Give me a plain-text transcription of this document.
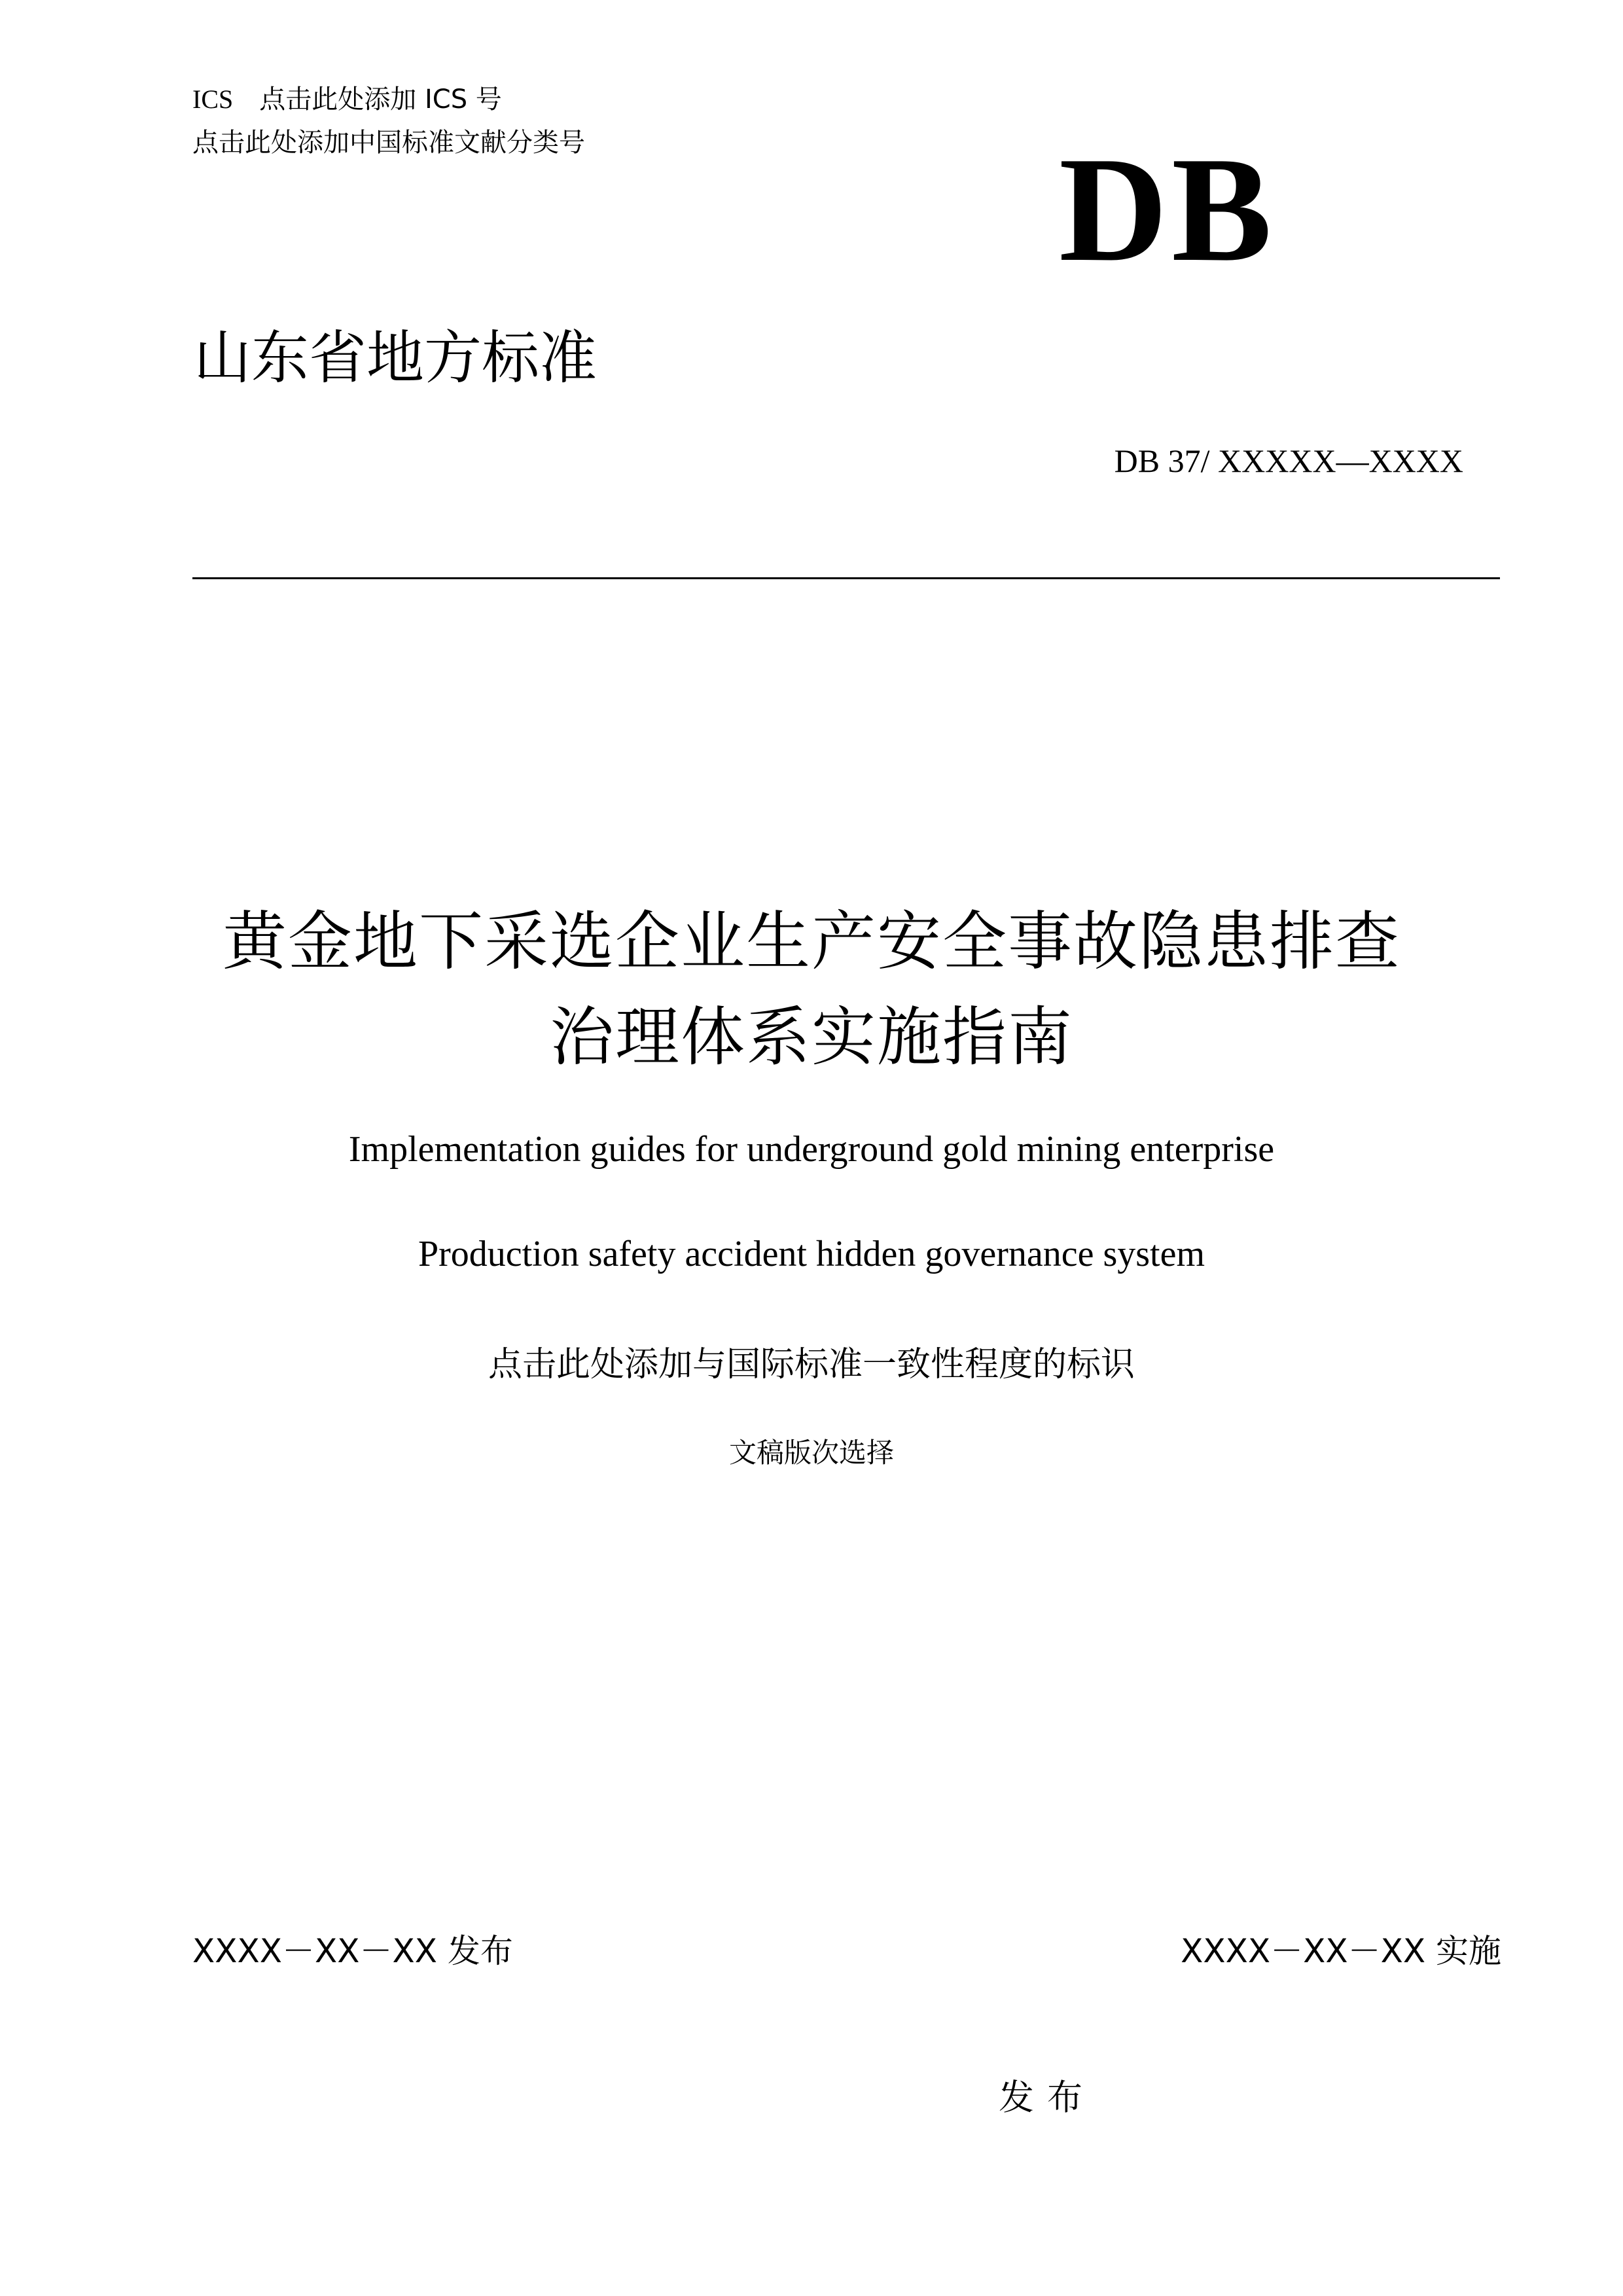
ICS 点击此处添加 ICS 号
点击此处添加中国标准文献分类号	DB
山东省地方标准
DB 37/ XXXXX—XXXX
黄金地下采选企业生产安全事故隐患排查
治理体系实施指南
Implementation guides for underground gold mining enterprise
Production safety accident hidden governance system
点击此处添加与国际标准一致性程度的标识
文稿版次选择
XXXX－XX－XX 发布	XXXX－XX－XX 实施
发布
